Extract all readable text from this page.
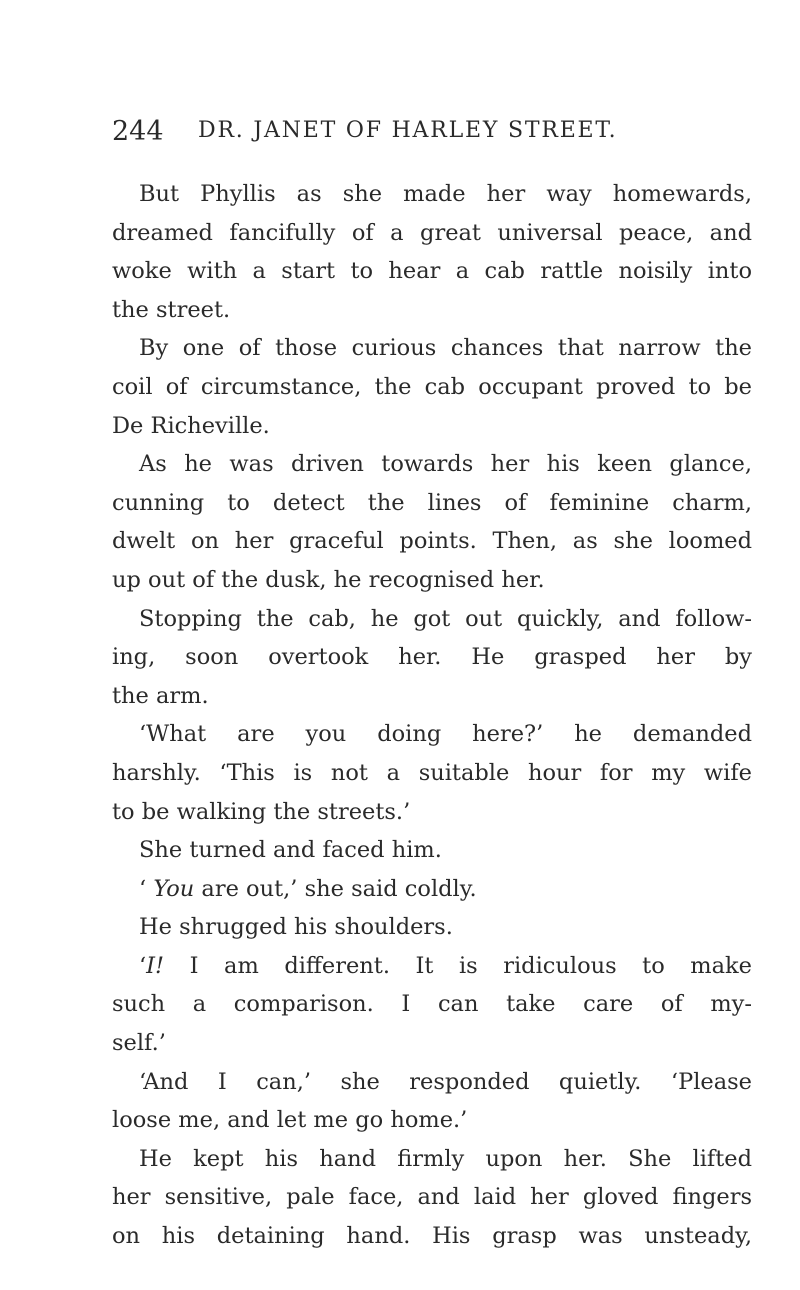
244 DR. JANET OF HARLEY STREET.
But Phyllis as she made her way homewards,
dreamed fancifully of a great universal peace, and
woke with a start to hear a cab rattle noisily into
the street.
By one of those curious chances that narrow the
coil of circumstance, the cab occupant proved to be
De Richeville.
As he was driven towards her his keen glance,
cunning to detect the lines of feminine charm,
dwelt on her graceful points. Then, as she loomed
up out of the dusk, he recognised her.
Stopping the cab, he got out quickly, and follow-
ing, soon overtook her. He grasped her by
the arm.
‘What are you doing here?’ he demanded
harshly. ‘This is not a suitable hour for my wife
to be walking the streets.’
She turned and faced him.
‘ You are out,’ she said coldly.
He shrugged his shoulders.
‘I! I am different. It is ridiculous to make
such a comparison. I can take care of my-
self.’
‘And I can,’ she responded quietly. ‘Please
loose me, and let me go home.’
He kept his hand firmly upon her. She lifted
her sensitive, pale face, and laid her gloved fingers
on his detaining hand. His grasp was unsteady,
